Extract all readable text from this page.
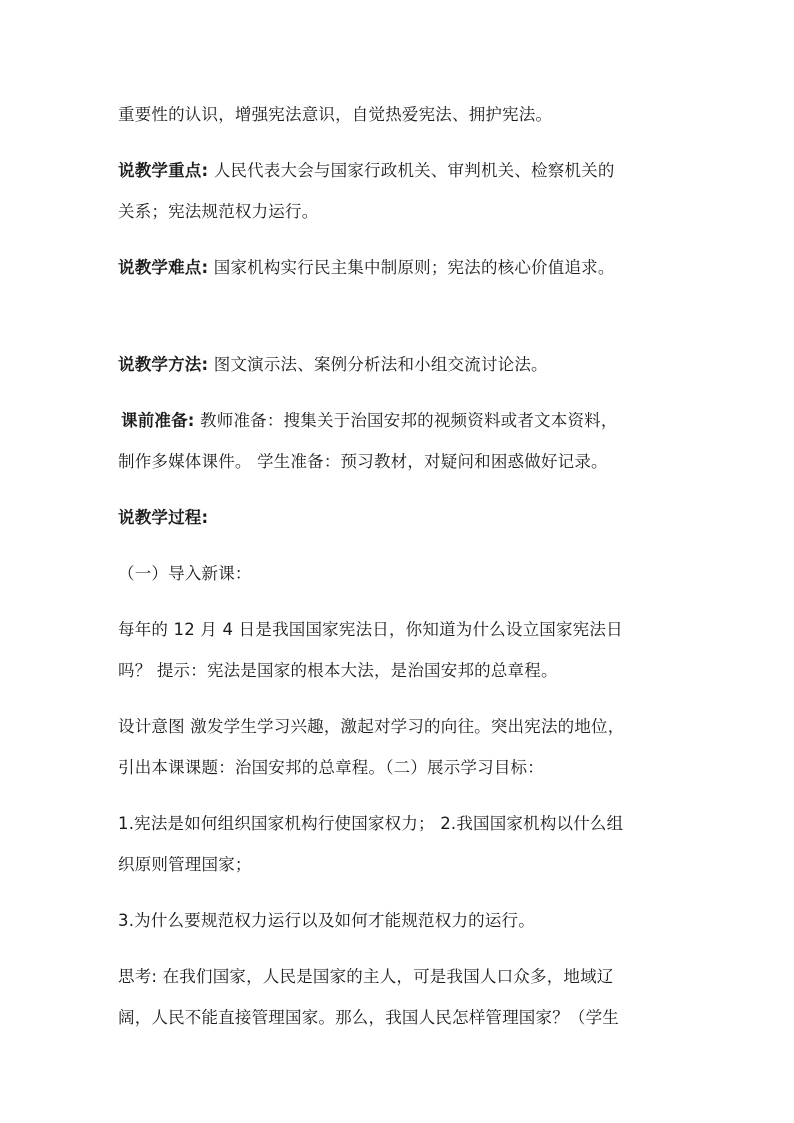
重要性的认识，增强宪法意识，自觉热爱宪法、拥护宪法。
说教学重点: 人民代表大会与国家行政机关、审判机关、检察机关的
关系；宪法规范权力运行。
说教学难点: 国家机构实行民主集中制原则；宪法的核心价值追求。
说教学方法: 图文演示法、案例分析法和小组交流讨论法。
课前准备: 教师准备：搜集关于治国安邦的视频资料或者文本资料，
制作多媒体课件。 学生准备：预习教材，对疑问和困惑做好记录。
说教学过程:
（一）导入新课：
每年的 12 月 4 日是我国国家宪法日，你知道为什么设立国家宪法日
吗？ 提示：宪法是国家的根本大法，是治国安邦的总章程。
设计意图 激发学生学习兴趣，激起对学习的向往。突出宪法的地位，
引出本课课题：治国安邦的总章程。（二）展示学习目标：
1.宪法是如何组织国家机构行使国家权力； 2.我国国家机构以什么组
织原则管理国家；
3.为什么要规范权力运行以及如何才能规范权力的运行。
思考: 在我们国家，人民是国家的主人，可是我国人口众多，地域辽
阔，人民不能直接管理国家。那么，我国人民怎样管理国家？（学生
